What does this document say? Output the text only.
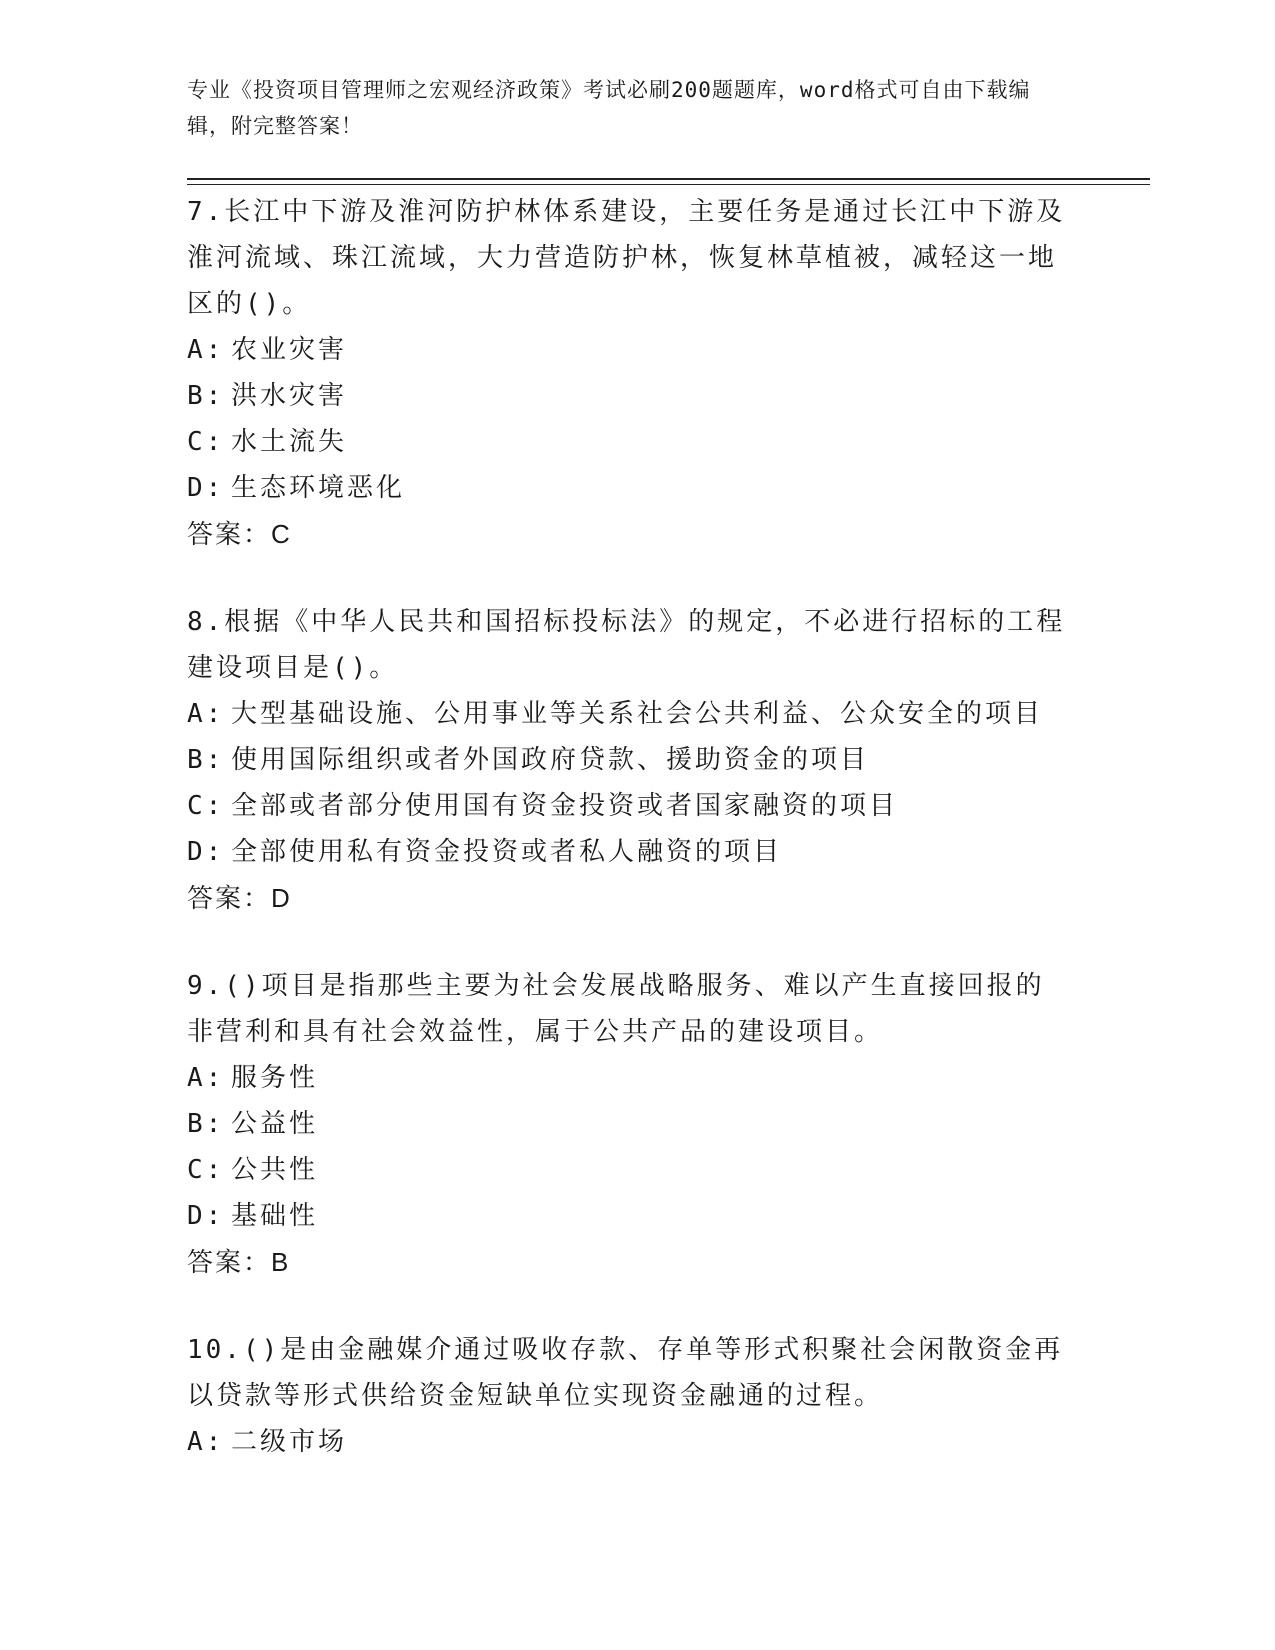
专业《投资项目管理师之宏观经济政策》考试必刷200题题库，word格式可自由下载编辑，附完整答案！

7.长江中下游及淮河防护林体系建设，主要任务是通过长江中下游及淮河流域、珠江流域，大力营造防护林，恢复林草植被，减轻这一地区的()。

A: 农业灾害

B: 洪水灾害

C: 水土流失

D: 生态环境恶化

答案：C

8.根据《中华人民共和国招标投标法》的规定，不必进行招标的工程建设项目是()。

A: 大型基础设施、公用事业等关系社会公共利益、公众安全的项目

B: 使用国际组织或者外国政府贷款、援助资金的项目

C: 全部或者部分使用国有资金投资或者国家融资的项目

D: 全部使用私有资金投资或者私人融资的项目

答案：D

9.()项目是指那些主要为社会发展战略服务、难以产生直接回报的非营利和具有社会效益性，属于公共产品的建设项目。

A: 服务性

B: 公益性

C: 公共性

D: 基础性

答案：B

10.()是由金融媒介通过吸收存款、存单等形式积聚社会闲散资金再以贷款等形式供给资金短缺单位实现资金融通的过程。

A: 二级市场
